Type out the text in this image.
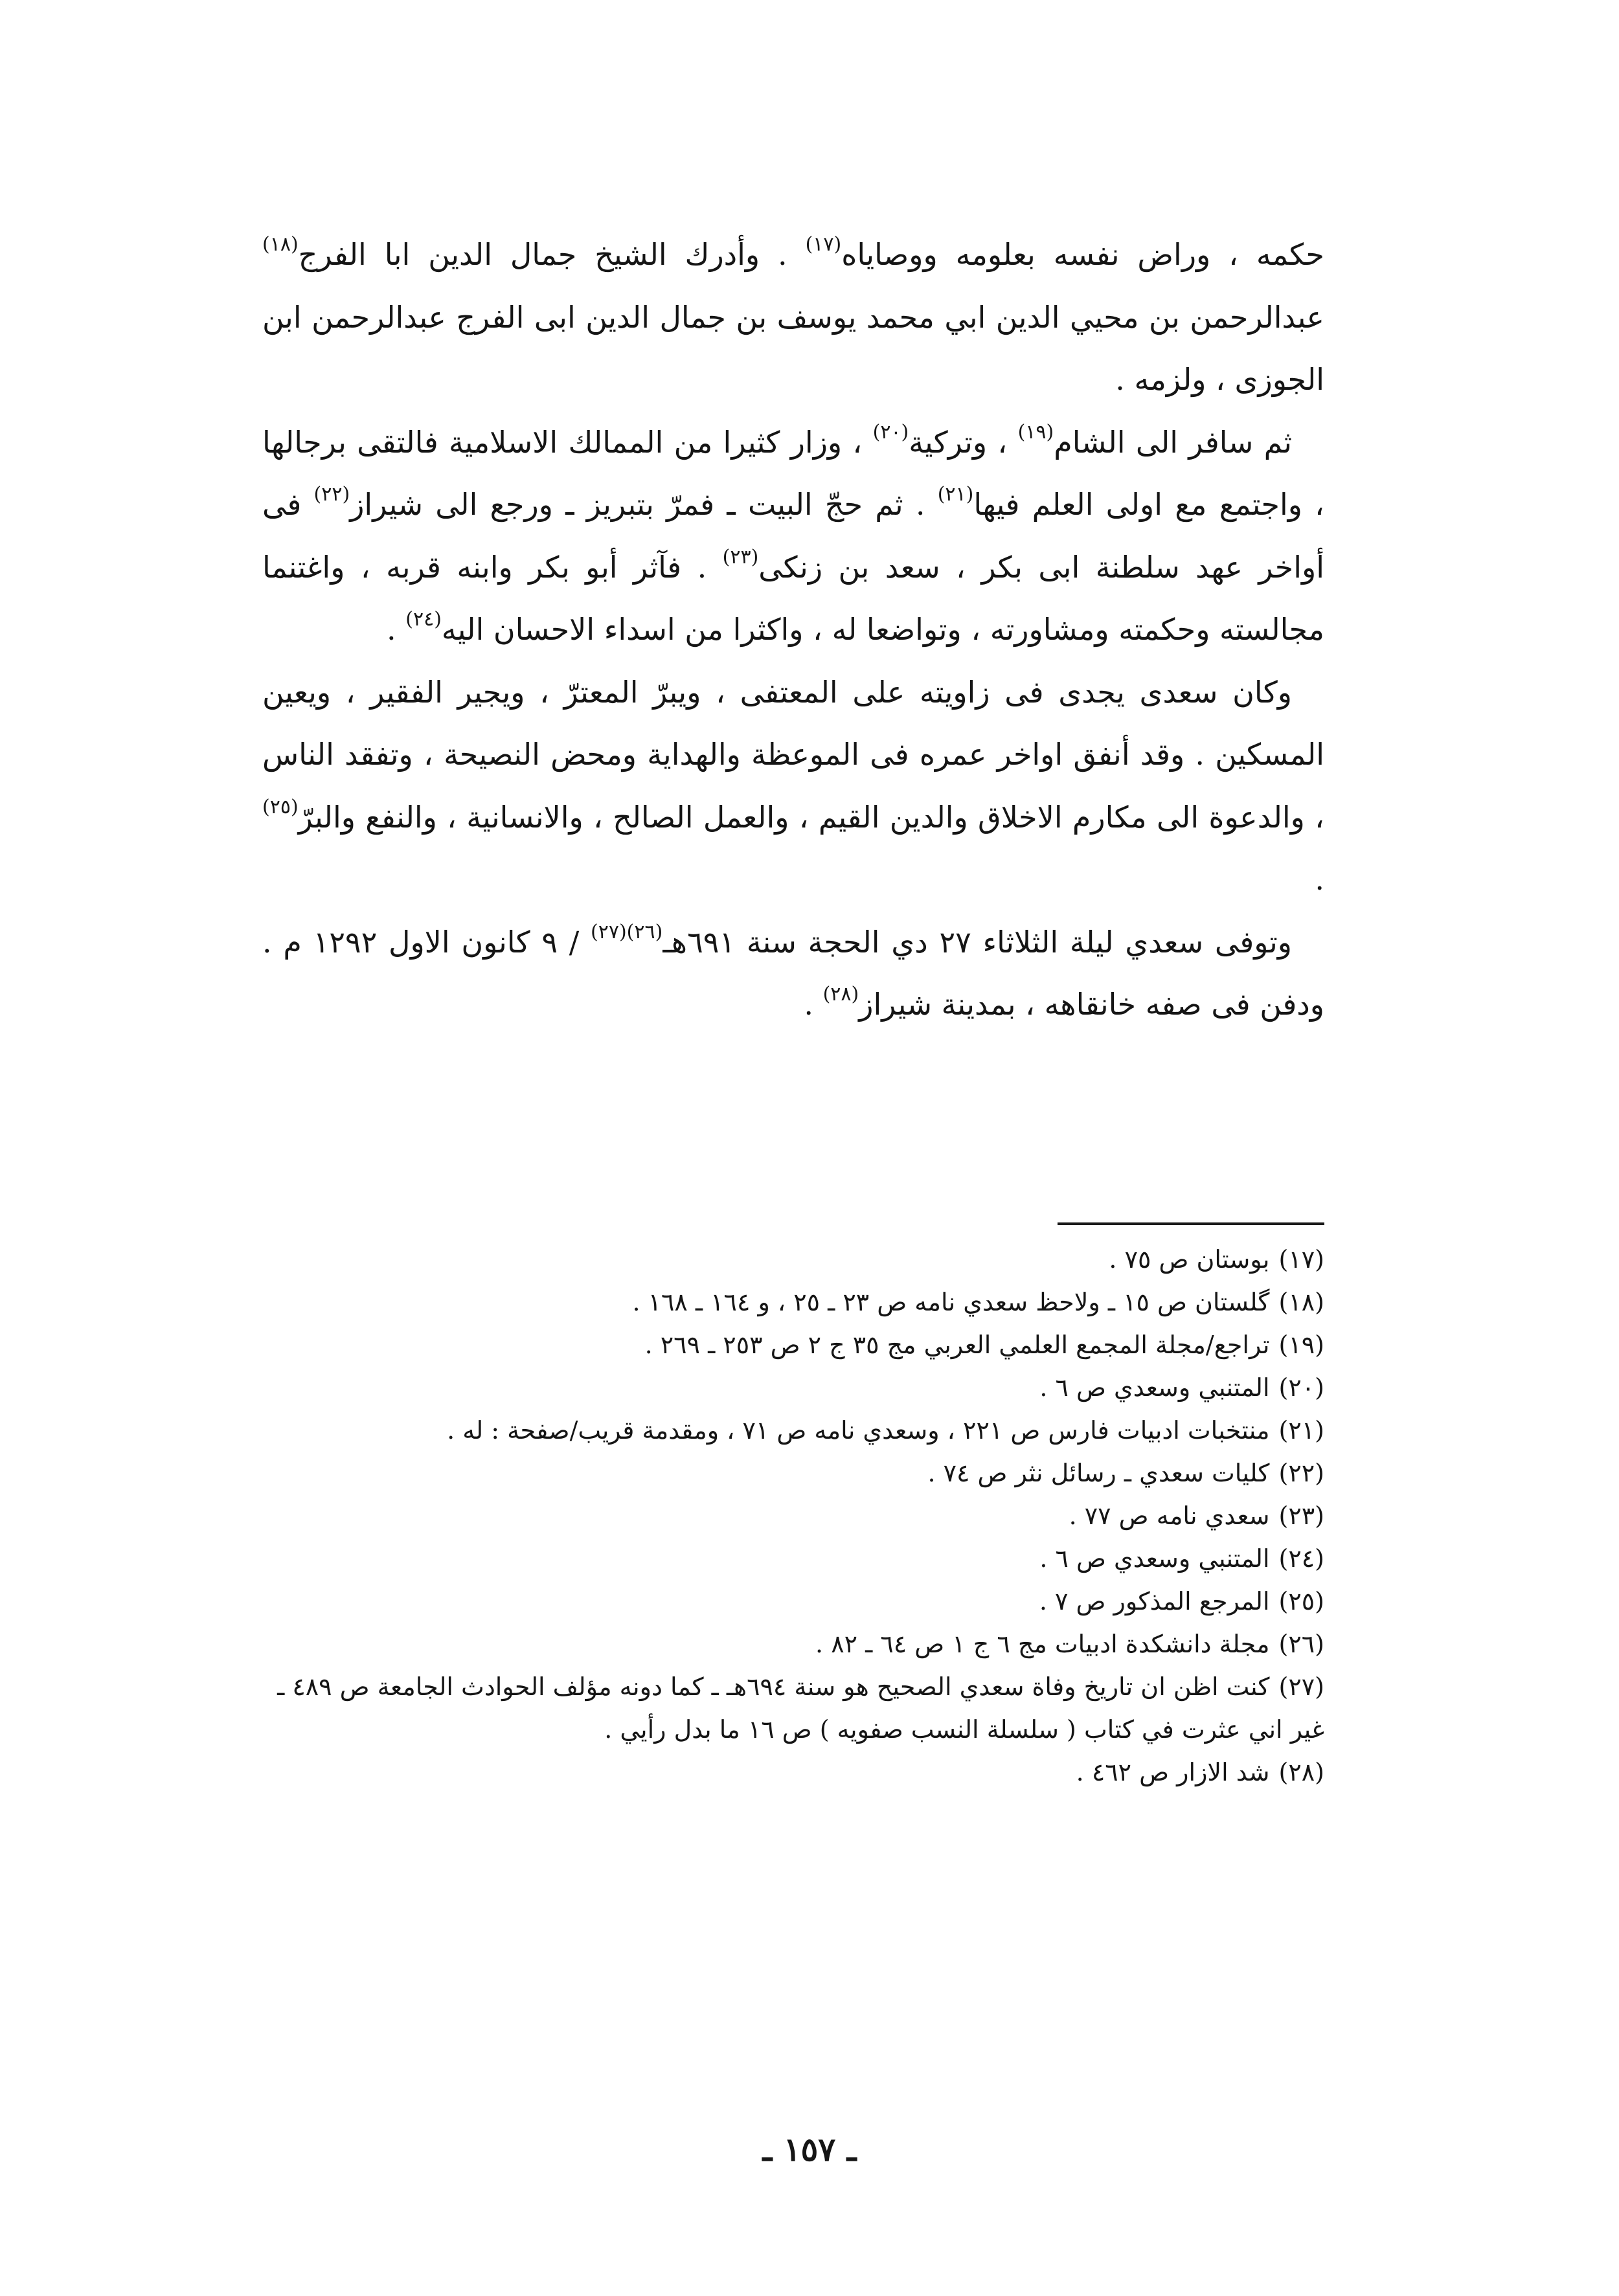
حكمه ، وراض نفسه بعلومه ووصاياه$^{(١٧)}$ . وأدرك الشيخ جمال الدين ابا الفرج$^{(١٨)}$ عبدالرحمن بن محيي الدين ابي محمد يوسف بن جمال الدين ابى الفرج عبدالرحمن ابن الجوزى ، ولزمه .

ثم سافر الى الشام$^{(١٩)}$ ، وتركية$^{(٢٠)}$ ، وزار كثيرا من الممالك الاسلامية فالتقى برجالها ، واجتمع مع اولى العلم فيها$^{(٢١)}$ . ثم حجّ البيت ـ فمرّ بتبريز ـ ورجع الى شيراز$^{(٢٢)}$ فى أواخر عهد سلطنة ابى بكر ، سعد بن زنكى$^{(٢٣)}$ . فآثر أبو بكر وابنه قربه ، واغتنما مجالسته وحكمته ومشاورته ، وتواضعا له ، واكثرا من اسداء الاحسان اليه$^{(٢٤)}$ .

وكان سعدى يجدى فى زاويته على المعتفى ، ويبرّ المعترّ ، ويجير الفقير ، ويعين المسكين . وقد أنفق اواخر عمره فى الموعظة والهداية ومحض النصيحة ، وتفقد الناس ، والدعوة الى مكارم الاخلاق والدين القيم ، والعمل الصالح ، والانسانية ، والنفع والبرّ$^{(٢٥)}$ .

وتوفى سعدي ليلة الثلاثاء ٢٧ دي الحجة سنة ٦٩١هـ$^{(٢٦)(٢٧)}$ / ٩ كانون الاول ١٢٩٢ م . ودفن فى صفه خانقاهه ، بمدينة شيراز$^{(٢٨)}$ .

(١٧)بوستان ص ٧٥ .

(١٨)گلستان ص ١٥ ـ ولاحظ سعدي نامه ص ٢٣ ـ ٢٥ ، و ١٦٤ ـ ١٦٨ .

(١٩)تراجع/مجلة المجمع العلمي العربي مج ٣٥ ج ٢ ص ٢٥٣ ـ ٢٦٩ .

(٢٠)المتنبي وسعدي ص ٦ .

(٢١)منتخبات ادبيات فارس ص ٢٢١ ، وسعدي نامه ص ٧١ ، ومقدمة قريب/صفحة : له .

(٢٢)كليات سعدي ـ رسائل نثر ص ٧٤ .

(٢٣)سعدي نامه ص ٧٧ .

(٢٤)المتنبي وسعدي ص ٦ .

(٢٥)المرجع المذكور ص ٧ .

(٢٦)مجلة دانشكدة ادبيات مج ٦ ج ١ ص ٦٤ ـ ٨٢ .

(٢٧)كنت اظن ان تاريخ وفاة سعدي الصحيح هو سنة ٦٩٤هـ ـ كما دونه مؤلف الحوادث الجامعة ص ٤٨٩ ـ غير اني عثرت في كتاب ( سلسلة النسب صفويه ) ص ١٦ ما بدل رأيي .

(٢٨)شد الازار ص ٤٦٢ .

ـ ١٥٧ ـ
